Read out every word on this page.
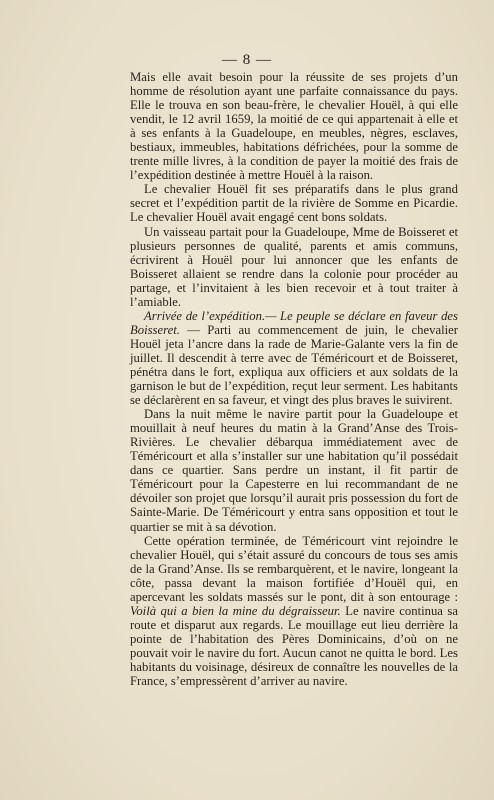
— 8 —

Mais elle avait besoin pour la réussite de ses projets d’un homme de résolution ayant une parfaite connaissance du pays. Elle le trouva en son beau-frère, le chevalier Houël, à qui elle vendit, le 12 avril 1659, la moitié de ce qui appartenait à elle et à ses enfants à la Guadeloupe, en meubles, nègres, esclaves, bestiaux, immeubles, habitations défrichées, pour la somme de trente mille livres, à la condition de payer la moitié des frais de l’expédition destinée à mettre Houël à la raison.

Le chevalier Houël fit ses préparatifs dans le plus grand secret et l’expédition partit de la rivière de Somme en Picardie. Le chevalier Houël avait engagé cent bons soldats.

Un vaisseau partait pour la Guadeloupe, Mme de Boisseret et plusieurs personnes de qualité, parents et amis communs, écrivirent à Houël pour lui annoncer que les enfants de Boisseret allaient se rendre dans la colonie pour procéder au partage, et l’invitaient à les bien recevoir et à tout traiter à l’amiable.

Arrivée de l’expédition.— Le peuple se déclare en faveur des Boisseret. — Parti au commencement de juin, le chevalier Houël jeta l’ancre dans la rade de Marie-Galante vers la fin de juillet. Il descendit à terre avec de Téméricourt et de Boisseret, pénétra dans le fort, expliqua aux officiers et aux soldats de la garnison le but de l’expédition, reçut leur serment. Les habitants se déclarèrent en sa faveur, et vingt des plus braves le suivirent.

Dans la nuit même le navire partit pour la Guadeloupe et mouillait à neuf heures du matin à la Grand’Anse des Trois-Rivières. Le chevalier débarqua immédiatement avec de Téméricourt et alla s’installer sur une habitation qu’il possédait dans ce quartier. Sans perdre un instant, il fit partir de Téméricourt pour la Capesterre en lui recommandant de ne dévoiler son projet que lorsqu’il aurait pris possession du fort de Sainte-Marie. De Téméricourt y entra sans opposition et tout le quartier se mit à sa dévotion.

Cette opération terminée, de Téméricourt vint rejoindre le chevalier Houël, qui s’était assuré du concours de tous ses amis de la Grand’Anse. Ils se rembarquèrent, et le navire, longeant la côte, passa devant la maison fortifiée d’Houël qui, en apercevant les soldats massés sur le pont, dit à son entourage : Voilà qui a bien la mine du dégraisseur. Le navire continua sa route et disparut aux regards. Le mouillage eut lieu derrière la pointe de l’habitation des Pères Dominicains, d’où on ne pouvait voir le navire du fort. Aucun canot ne quitta le bord. Les habitants du voisinage, désireux de connaître les nouvelles de la France, s’empressèrent d’arriver au navire.
